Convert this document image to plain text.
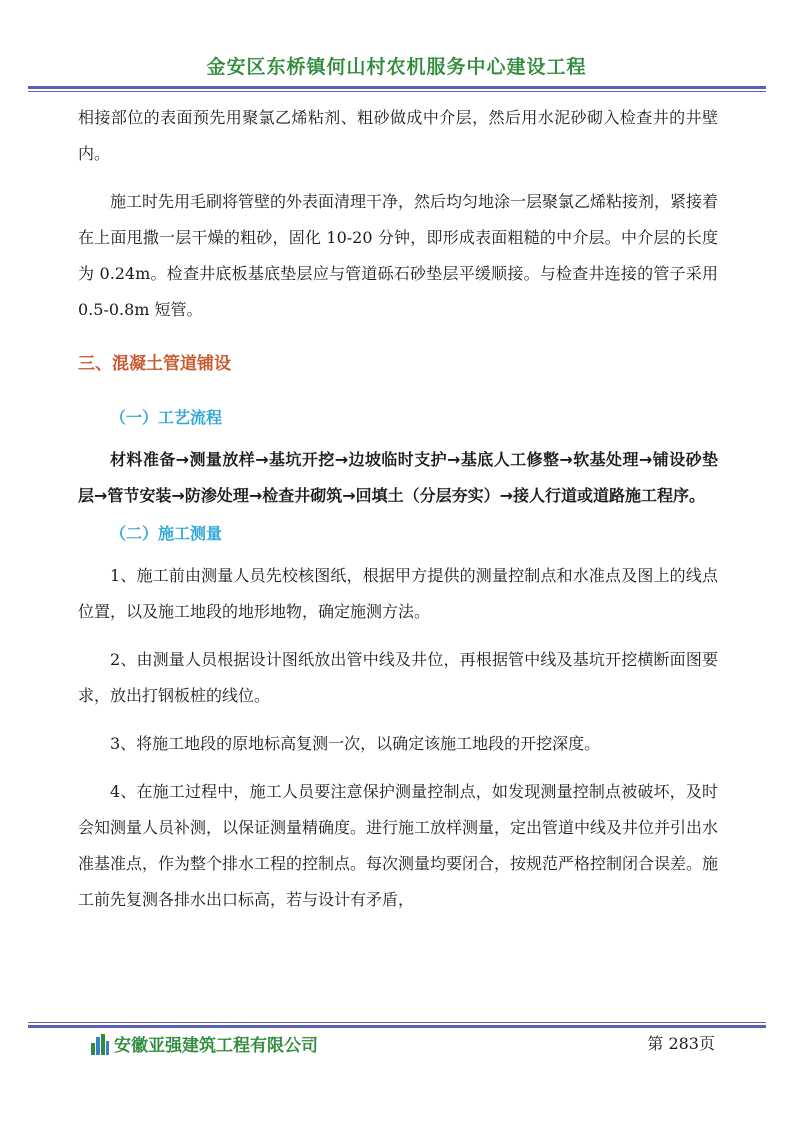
金安区东桥镇何山村农机服务中心建设工程

相接部位的表面预先用聚氯乙烯粘剂、粗砂做成中介层，然后用水泥砂砌入检查井的井壁内。

施工时先用毛刷将管壁的外表面清理干净，然后均匀地涂一层聚氯乙烯粘接剂，紧接着在上面甩撒一层干燥的粗砂，固化 10-20 分钟，即形成表面粗糙的中介层。中介层的长度为 0.24m。检查井底板基底垫层应与管道砾石砂垫层平缓顺接。与检查井连接的管子采用 0.5-0.8m 短管。

三、混凝土管道铺设

（一）工艺流程

材料准备→测量放样→基坑开挖→边坡临时支护→基底人工修整→软基处理→铺设砂垫层→管节安装→防渗处理→检查井砌筑→回填土（分层夯实）→接人行道或道路施工程序。

（二）施工测量

1、施工前由测量人员先校核图纸，根据甲方提供的测量控制点和水准点及图上的线点位置，以及施工地段的地形地物，确定施测方法。

2、由测量人员根据设计图纸放出管中线及井位，再根据管中线及基坑开挖横断面图要求，放出打钢板桩的线位。

3、将施工地段的原地标高复测一次，以确定该施工地段的开挖深度。

4、在施工过程中，施工人员要注意保护测量控制点，如发现测量控制点被破坏，及时会知测量人员补测，以保证测量精确度。进行施工放样测量，定出管道中线及井位并引出水准基准点，作为整个排水工程的控制点。每次测量均要闭合，按规范严格控制闭合误差。施工前先复测各排水出口标高，若与设计有矛盾，

安徽亚强建筑工程有限公司	第 283页
